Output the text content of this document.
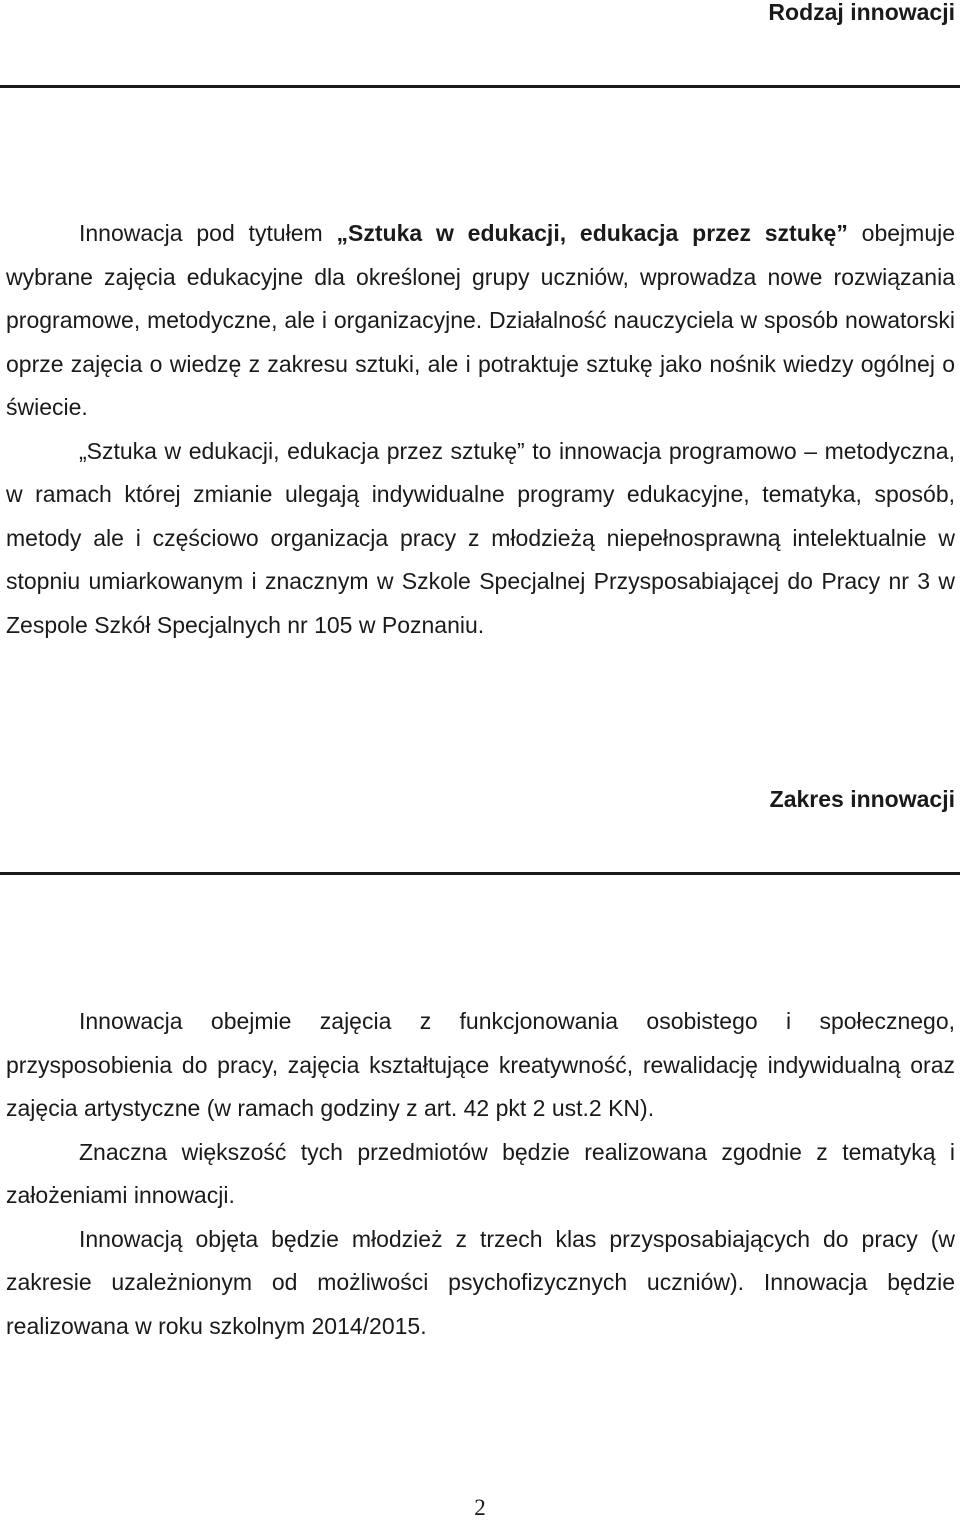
Rodzaj innowacji

Innowacja pod tytułem „Sztuka w edukacji, edukacja przez sztukę” obejmuje wybrane zajęcia edukacyjne dla określonej grupy uczniów, wprowadza nowe rozwiązania programowe, metodyczne, ale i organizacyjne. Działalność nauczyciela w sposób nowatorski oprze zajęcia o wiedzę z zakresu sztuki, ale i potraktuje sztukę jako nośnik wiedzy ogólnej o świecie.

„Sztuka w edukacji, edukacja przez sztukę” to innowacja programowo – metodyczna, w ramach której zmianie ulegają indywidualne programy edukacyjne, tematyka, sposób, metody ale i częściowo organizacja pracy z młodzieżą niepełnosprawną intelektualnie w stopniu umiarkowanym i znacznym w Szkole Specjalnej Przysposabiającej do Pracy nr 3 w Zespole Szkół Specjalnych nr 105 w Poznaniu.

Zakres innowacji

Innowacja obejmie zajęcia z funkcjonowania osobistego i społecznego, przysposobienia do pracy, zajęcia kształtujące kreatywność, rewalidację indywidualną oraz zajęcia artystyczne (w ramach godziny z art. 42 pkt 2 ust.2 KN).

Znaczna większość tych przedmiotów będzie realizowana zgodnie z tematyką i założeniami innowacji.

Innowacją objęta będzie młodzież z trzech klas przysposabiających do pracy (w zakresie uzależnionym od możliwości psychofizycznych uczniów). Innowacja będzie realizowana w roku szkolnym 2014/2015.

2
